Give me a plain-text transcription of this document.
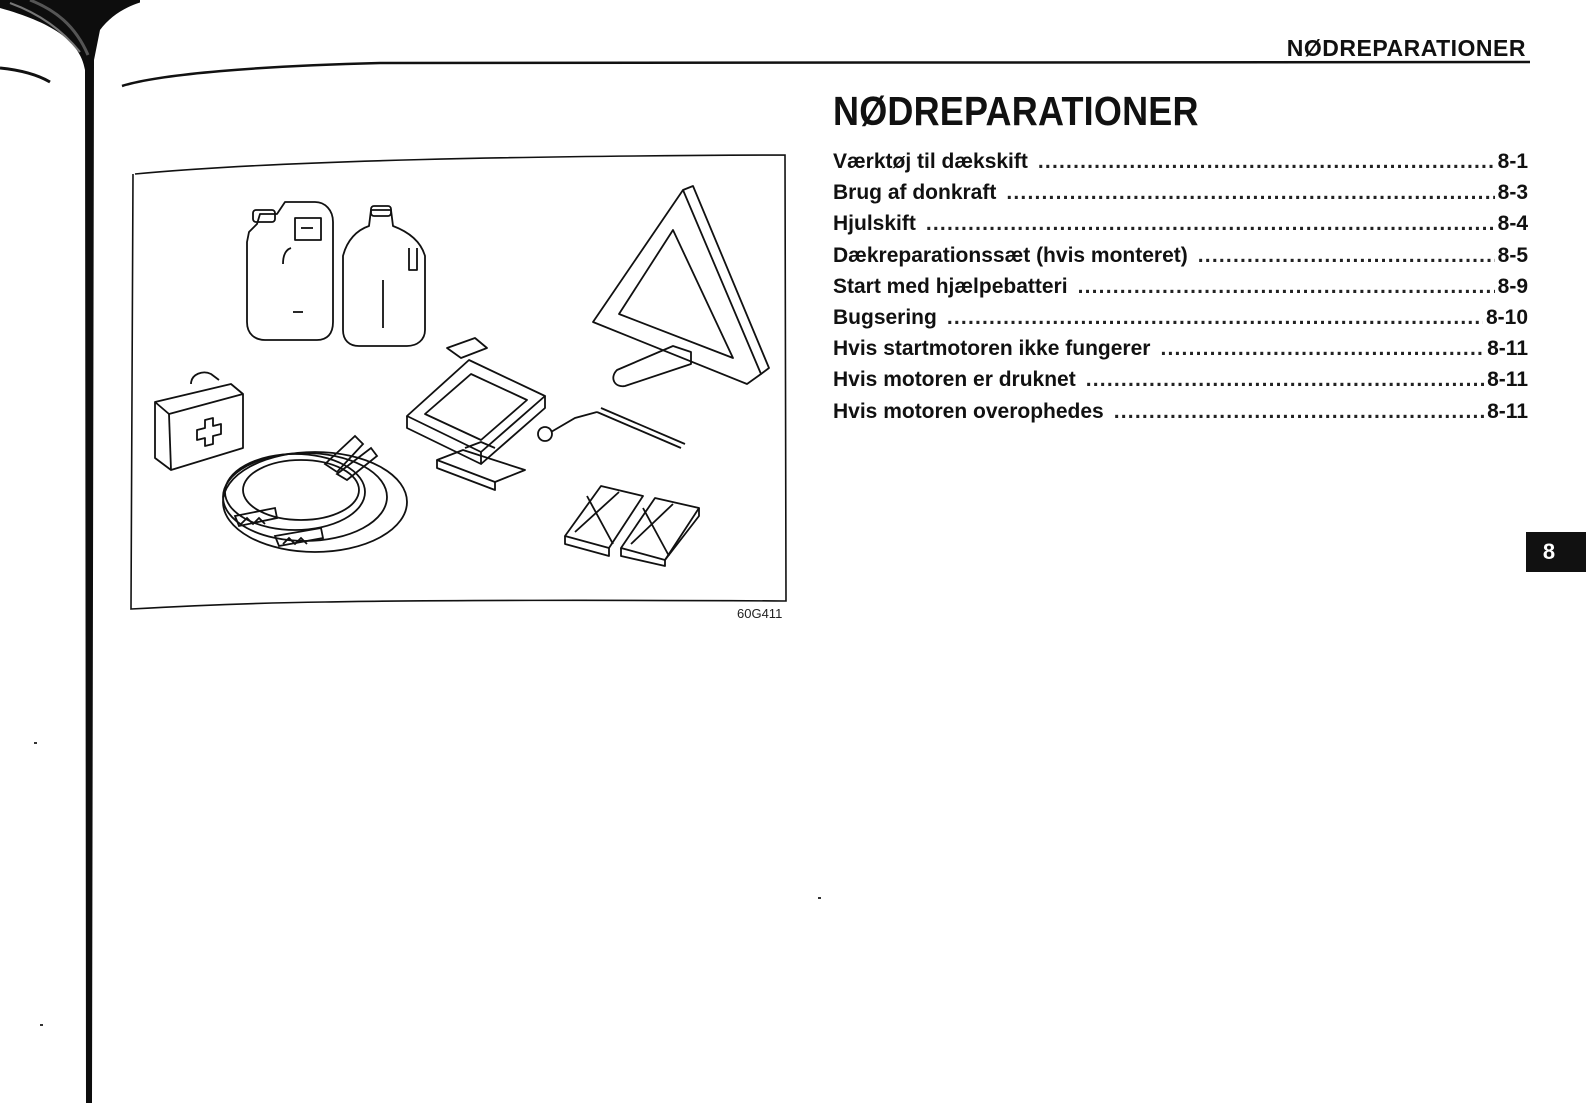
NØDREPARATIONER
60G411
NØDREPARATIONER
Værktøj til dækskift .....	8-1
Brug af donkraft .....	8-3
Hjulskift .....	8-4
Dækreparationssæt (hvis monteret) .....	8-5
Start med hjælpebatteri .....	8-9
Bugsering .....	8-10
Hvis startmotoren ikke fungerer .....	8-11
Hvis motoren er druknet .....	8-11
Hvis motoren overophedes .....	8-11
8
